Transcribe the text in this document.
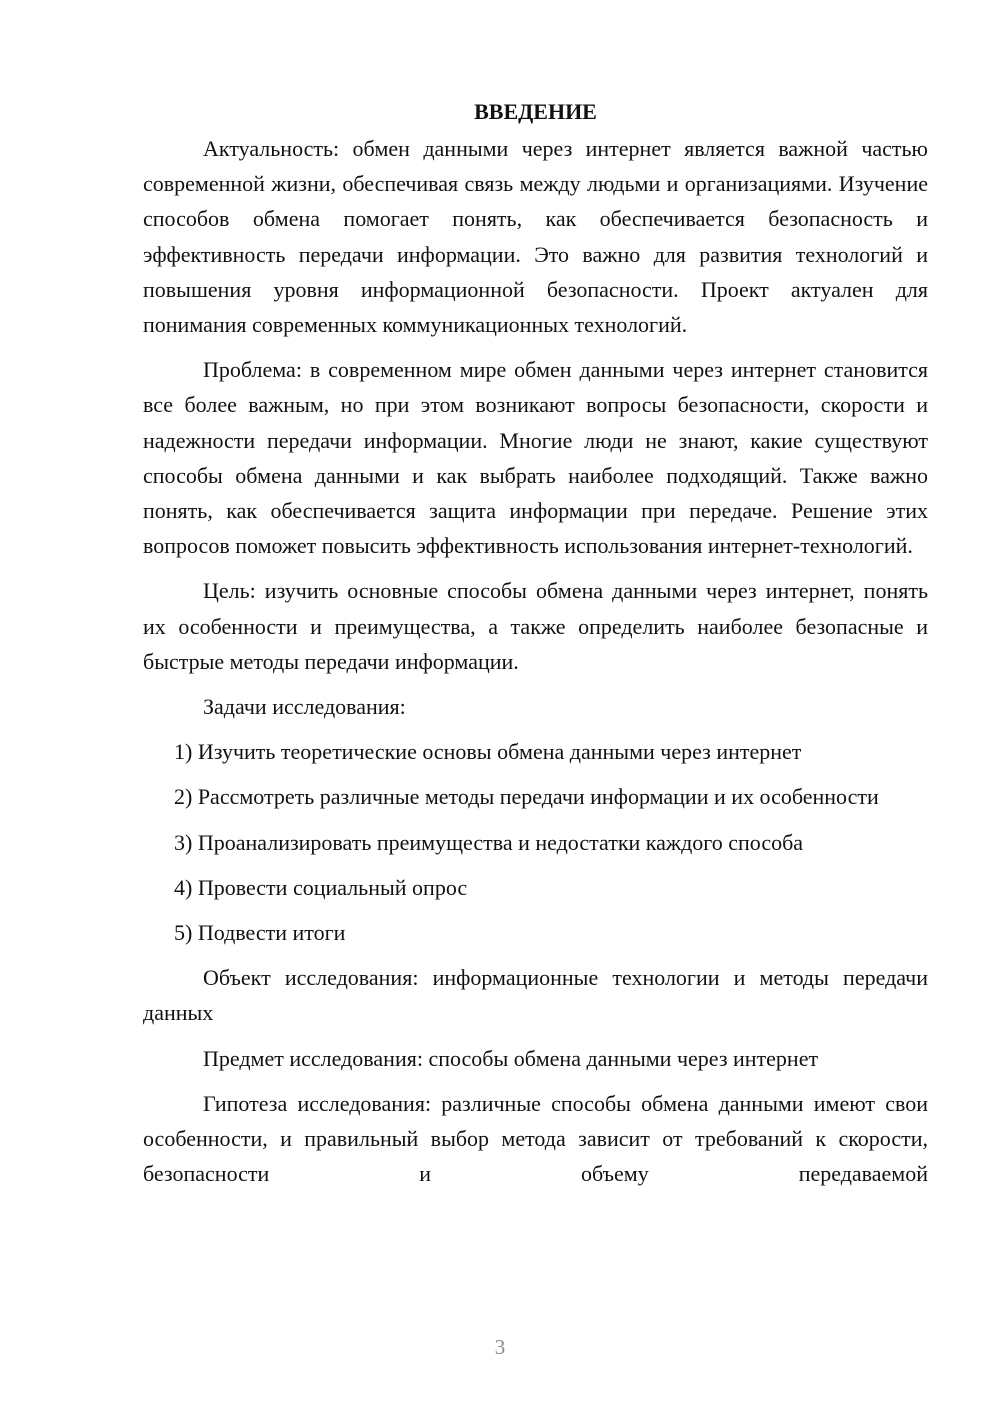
ВВЕДЕНИЕ

Актуальность: обмен данными через интернет является важной частью современной жизни, обеспечивая связь между людьми и организациями. Изучение способов обмена помогает понять, как обеспечивается безопасность и эффективность передачи информации. Это важно для развития технологий и повышения уровня информационной безопасности. Проект актуален для понимания современных коммуникационных технологий.

Проблема: в современном мире обмен данными через интернет становится все более важным, но при этом возникают вопросы безопасности, скорости и надежности передачи информации. Многие люди не знают, какие существуют способы обмена данными и как выбрать наиболее подходящий. Также важно понять, как обеспечивается защита информации при передаче. Решение этих вопросов поможет повысить эффективность использования интернет-технологий.

Цель: изучить основные способы обмена данными через интернет, понять их особенности и преимущества, а также определить наиболее безопасные и быстрые методы передачи информации.

Задачи исследования:

1) Изучить теоретические основы обмена данными через интернет

2) Рассмотреть различные методы передачи информации и их особенности

3) Проанализировать преимущества и недостатки каждого способа

4) Провести социальный опрос

5) Подвести итоги

Объект исследования: информационные технологии и методы передачи данных

Предмет исследования: способы обмена данными через интернет

Гипотеза исследования: различные способы обмена данными имеют свои особенности, и правильный выбор метода зависит от требований к скорости, безопасности и объему передаваемой

3
